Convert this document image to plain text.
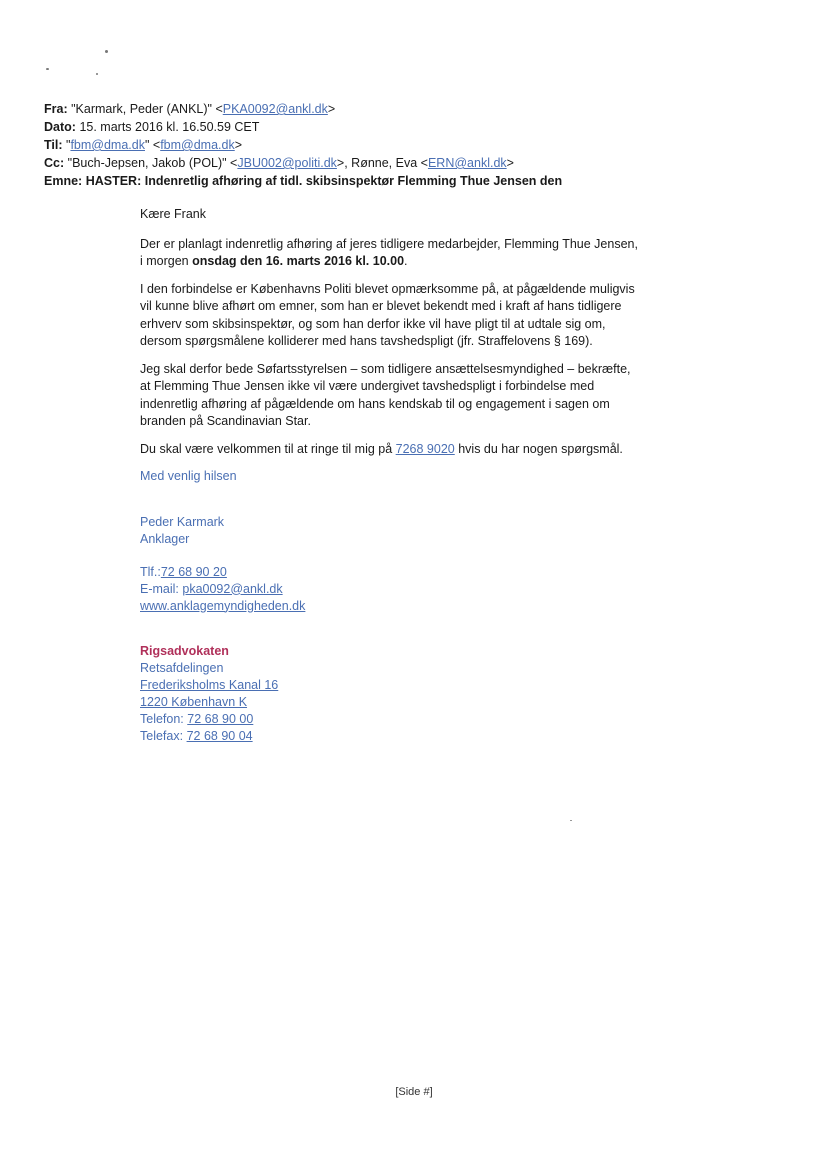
Fra: "Karmark, Peder (ANKL)" <PKA0092@ankl.dk>
Dato: 15. marts 2016 kl. 16.50.59 CET
Til: "fbm@dma.dk" <fbm@dma.dk>
Cc: "Buch-Jepsen, Jakob (POL)" <JBU002@politi.dk>, Rønne, Eva <ERN@ankl.dk>
Emne: HASTER: Indenretlig afhøring af tidl. skibsinspektør Flemming Thue Jensen den

Kære Frank

Der er planlagt indenretlig afhøring af jeres tidligere medarbejder, Flemming Thue Jensen, i morgen onsdag den 16. marts 2016 kl. 10.00.

I den forbindelse er Københavns Politi blevet opmærksomme på, at pågældende muligvis vil kunne blive afhørt om emner, som han er blevet bekendt med i kraft af hans tidligere erhverv som skibsinspektør, og som han derfor ikke vil have pligt til at udtale sig om, dersom spørgsmålene kolliderer med hans tavshedspligt (jfr. Straffelovens § 169).

Jeg skal derfor bede Søfartsstyrelsen – som tidligere ansættelsesmyndighed – bekræfte, at Flemming Thue Jensen ikke vil være undergivet tavshedspligt i forbindelse med indenretlig afhøring af pågældende om hans kendskab til og engagement i sagen om branden på Scandinavian Star.

Du skal være velkommen til at ringe til mig på 7268 9020 hvis du har nogen spørgsmål.

Med venlig hilsen

Peder Karmark
Anklager
Tlf.:72 68 90 20
E-mail: pka0092@ankl.dk
www.anklagemyndigheden.dk
Rigsadvokaten
Retsafdelingen
Frederiksholms Kanal 16
1220 København K
Telefon: 72 68 90 00
Telefax: 72 68 90 04
[Side #]
